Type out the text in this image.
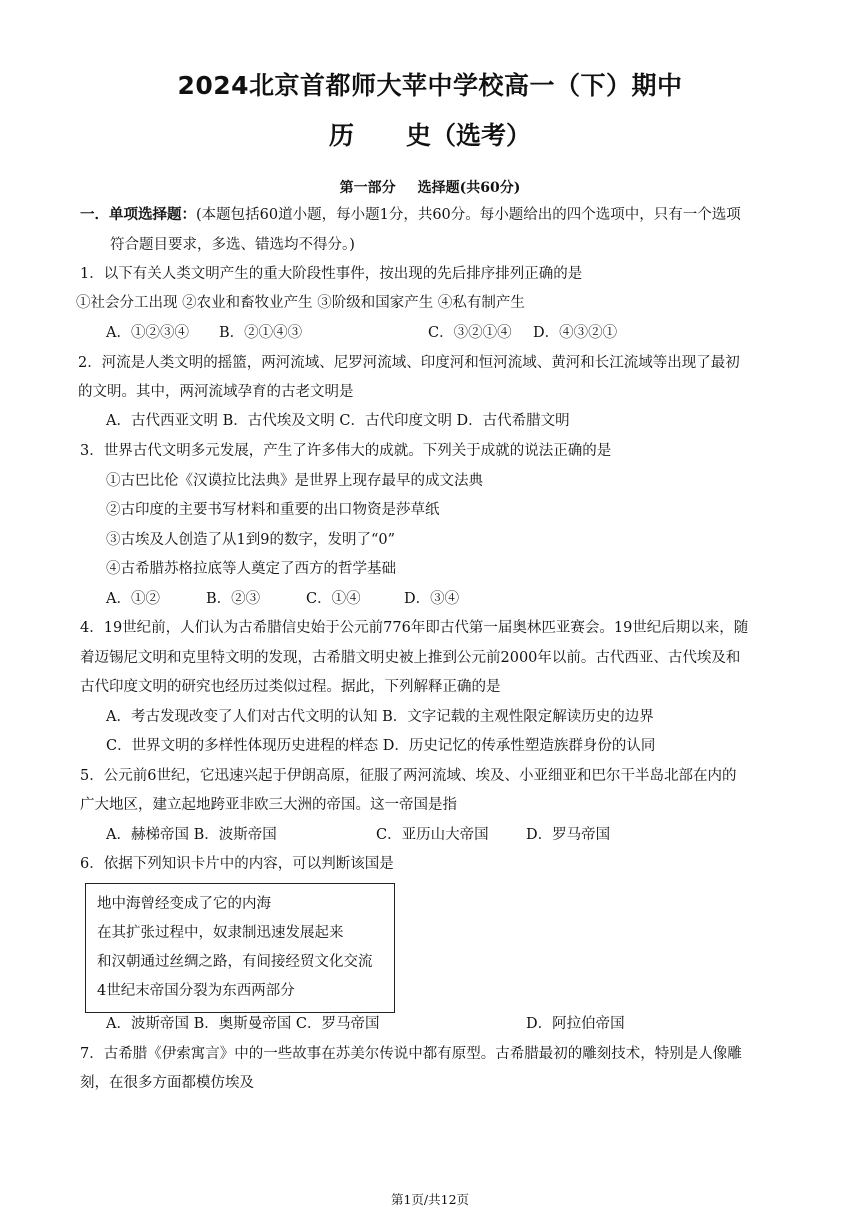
2024北京首都师大苹中学校高一（下）期中
历 史（选考）
第一部分 选择题(共60分)
一．单项选择题：(本题包括60道小题，每小题1分，共60分。每小题给出的四个选项中，只有一个选项
符合题目要求，多选、错选均不得分。)
1．以下有关人类文明产生的重大阶段性事件，按出现的先后排序排列正确的是
①社会分工出现 ②农业和畜牧业产生 ③阶级和国家产生 ④私有制产生
A．①②③④ B．②①④③	C．③②①④ D．④③②①
2．河流是人类文明的摇篮，两河流域、尼罗河流域、印度河和恒河流域、黄河和长江流域等出现了最初
的文明。其中，两河流域孕育的古老文明是
A．古代西亚文明 B．古代埃及文明 C．古代印度文明 D．古代希腊文明
3．世界古代文明多元发展，产生了许多伟大的成就。下列关于成就的说法正确的是
①古巴比伦《汉谟拉比法典》是世界上现存最早的成文法典
②古印度的主要书写材料和重要的出口物资是莎草纸
③古埃及人创造了从1到9的数字，发明了“0”
④古希腊苏格拉底等人奠定了西方的哲学基础
A．①②	B．②③	C．①④	D．③④
4．19世纪前，人们认为古希腊信史始于公元前776年即古代第一届奥林匹亚赛会。19世纪后期以来，随
着迈锡尼文明和克里特文明的发现，古希腊文明史被上推到公元前2000年以前。古代西亚、古代埃及和
古代印度文明的研究也经历过类似过程。据此，下列解释正确的是
A．考古发现改变了人们对古代文明的认知 B．文字记载的主观性限定解读历史的边界
C．世界文明的多样性体现历史进程的样态 D．历史记忆的传承性塑造族群身份的认同
5．公元前6世纪，它迅速兴起于伊朗高原，征服了两河流域、埃及、小亚细亚和巴尔干半岛北部在内的
广大地区，建立起地跨亚非欧三大洲的帝国。这一帝国是指
A．赫梯帝国 B．波斯帝国	C．亚历山大帝国	D．罗马帝国
6．依据下列知识卡片中的内容，可以判断该国是
地中海曾经变成了它的内海
在其扩张过程中，奴隶制迅速发展起来
和汉朝通过丝绸之路，有间接经贸文化交流
4世纪末帝国分裂为东西两部分
A．波斯帝国 B．奥斯曼帝国 C．罗马帝国	D．阿拉伯帝国
7．古希腊《伊索寓言》中的一些故事在苏美尔传说中都有原型。古希腊最初的雕刻技术，特别是人像雕
刻，在很多方面都模仿埃及
第1页/共12页
